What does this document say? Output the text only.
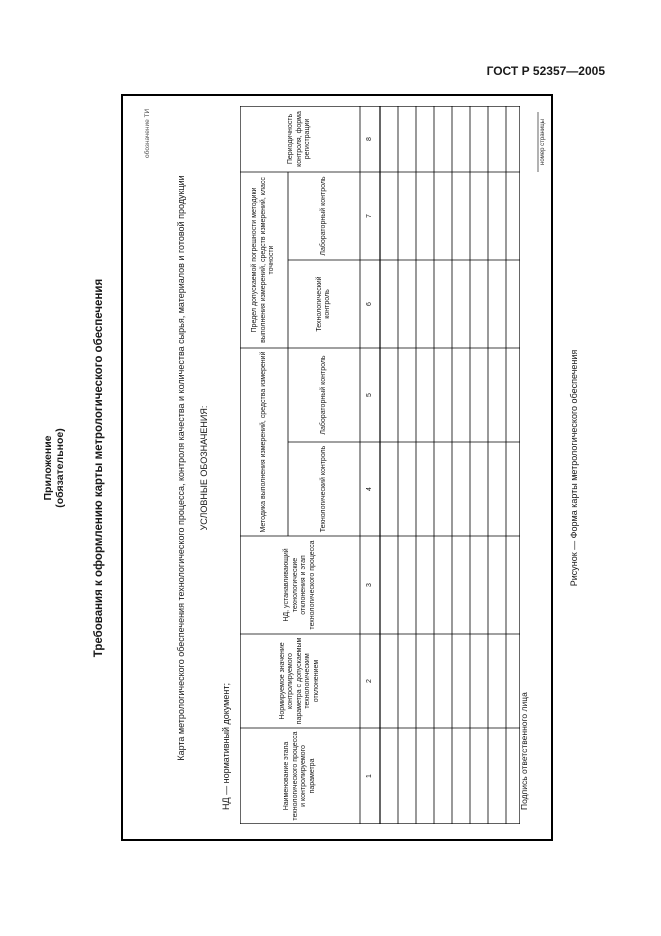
ГОСТ Р 52357—2005
Приложение (обязательное) Требования к оформлению карты метрологического обеспечения
обозначение ТИ
Карта метрологического обеспечения технологического процесса, контроля качества и количества сырья, материалов и готовой продукции УСЛОВНЫЕ ОБОЗНАЧЕНИЯ:
НД — нормативный документ;	Наименование этапа технологического процесса и контролируемого параметра
Нормируемое значение контролируемого параметра с допускаемым технологическим отклонением
НД, устанавливающий технологические отклонения и этап технологического процесса
Методика выполнения измерений, средства измерений
Предел допускаемой погрешности методики выполнения измерений, средств измерений, класс точности
Периодичность контроля, форма регистрации
Технологический контроль
Лабораторный контроль
Технологический контроль
Лабораторный контроль
1
2
3
4
5
6
7
8
Подпись ответственного лица
номер страницы
Рисунок — Форма карты метрологического обеспечения
